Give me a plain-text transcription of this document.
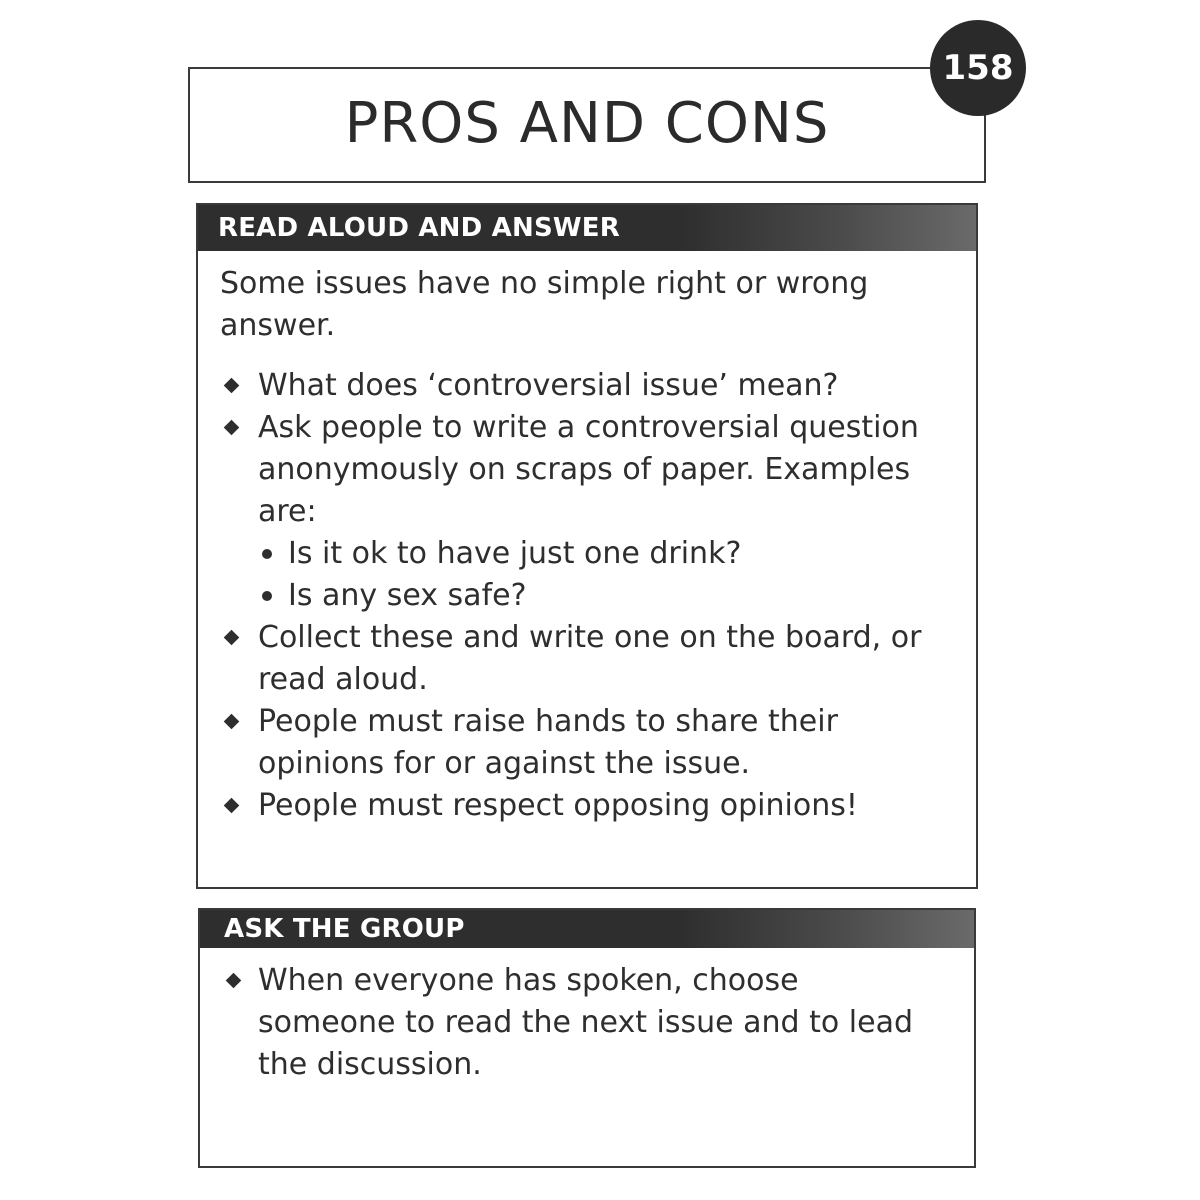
PROS AND CONS
158
READ ALOUD AND ANSWER
Some issues have no simple right or wrong answer.
What does ‘controversial issue’ mean?
Ask people to write a controversial question anonymously on scraps of paper. Examples are:
Is it ok to have just one drink?
Is any sex safe?
Collect these and write one on the board, or read aloud.
People must raise hands to share their opinions for or against the issue.
People must respect opposing opinions!
ASK THE GROUP
When everyone has spoken, choose someone to read the next issue and to lead the discussion.
